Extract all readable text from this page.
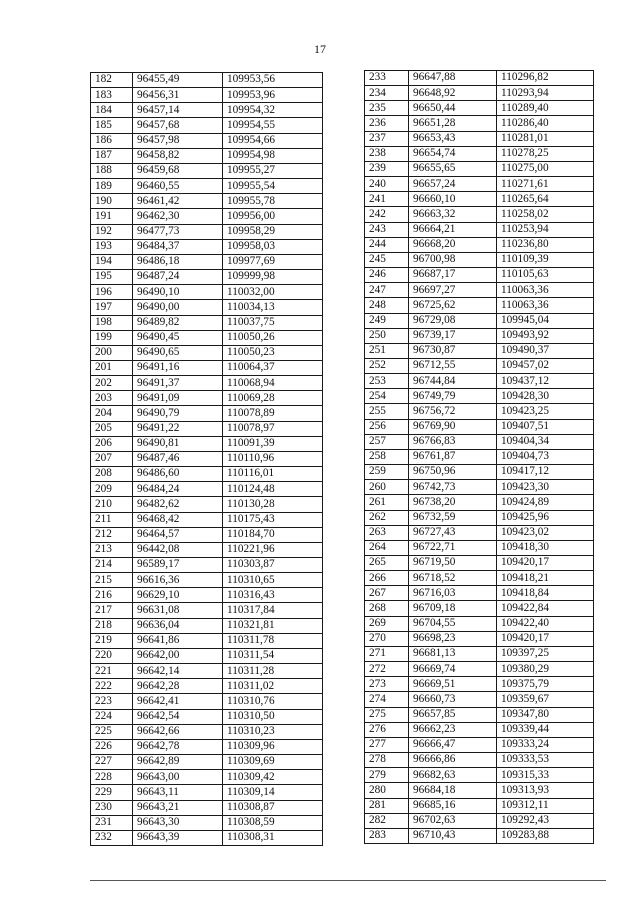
17
182	96455,49	109953,56
183	96456,31	109953,96
184	96457,14	109954,32
185	96457,68	109954,55
186	96457,98	109954,66
187	96458,82	109954,98
188	96459,68	109955,27
189	96460,55	109955,54
190	96461,42	109955,78
191	96462,30	109956,00
192	96477,73	109958,29
193	96484,37	109958,03
194	96486,18	109977,69
195	96487,24	109999,98
196	96490,10	110032,00
197	96490,00	110034,13
198	96489,82	110037,75
199	96490,45	110050,26
200	96490,65	110050,23
201	96491,16	110064,37
202	96491,37	110068,94
203	96491,09	110069,28
204	96490,79	110078,89
205	96491,22	110078,97
206	96490,81	110091,39
207	96487,46	110110,96
208	96486,60	110116,01
209	96484,24	110124,48
210	96482,62	110130,28
211	96468,42	110175,43
212	96464,57	110184,70
213	96442,08	110221,96
214	96589,17	110303,87
215	96616,36	110310,65
216	96629,10	110316,43
217	96631,08	110317,84
218	96636,04	110321,81
219	96641,86	110311,78
220	96642,00	110311,54
221	96642,14	110311,28
222	96642,28	110311,02
223	96642,41	110310,76
224	96642,54	110310,50
225	96642,66	110310,23
226	96642,78	110309,96
227	96642,89	110309,69
228	96643,00	110309,42
229	96643,11	110309,14
230	96643,21	110308,87
231	96643,30	110308,59
232	96643,39	110308,31
233	96647,88	110296,82
234	96648,92	110293,94
235	96650,44	110289,40
236	96651,28	110286,40
237	96653,43	110281,01
238	96654,74	110278,25
239	96655,65	110275,00
240	96657,24	110271,61
241	96660,10	110265,64
242	96663,32	110258,02
243	96664,21	110253,94
244	96668,20	110236,80
245	96700,98	110109,39
246	96687,17	110105,63
247	96697,27	110063,36
248	96725,62	110063,36
249	96729,08	109945,04
250	96739,17	109493,92
251	96730,87	109490,37
252	96712,55	109457,02
253	96744,84	109437,12
254	96749,79	109428,30
255	96756,72	109423,25
256	96769,90	109407,51
257	96766,83	109404,34
258	96761,87	109404,73
259	96750,96	109417,12
260	96742,73	109423,30
261	96738,20	109424,89
262	96732,59	109425,96
263	96727,43	109423,02
264	96722,71	109418,30
265	96719,50	109420,17
266	96718,52	109418,21
267	96716,03	109418,84
268	96709,18	109422,84
269	96704,55	109422,40
270	96698,23	109420,17
271	96681,13	109397,25
272	96669,74	109380,29
273	96669,51	109375,79
274	96660,73	109359,67
275	96657,85	109347,80
276	96662,23	109339,44
277	96666,47	109333,24
278	96666,86	109333,53
279	96682,63	109315,33
280	96684,18	109313,93
281	96685,16	109312,11
282	96702,63	109292,43
283	96710,43	109283,88
